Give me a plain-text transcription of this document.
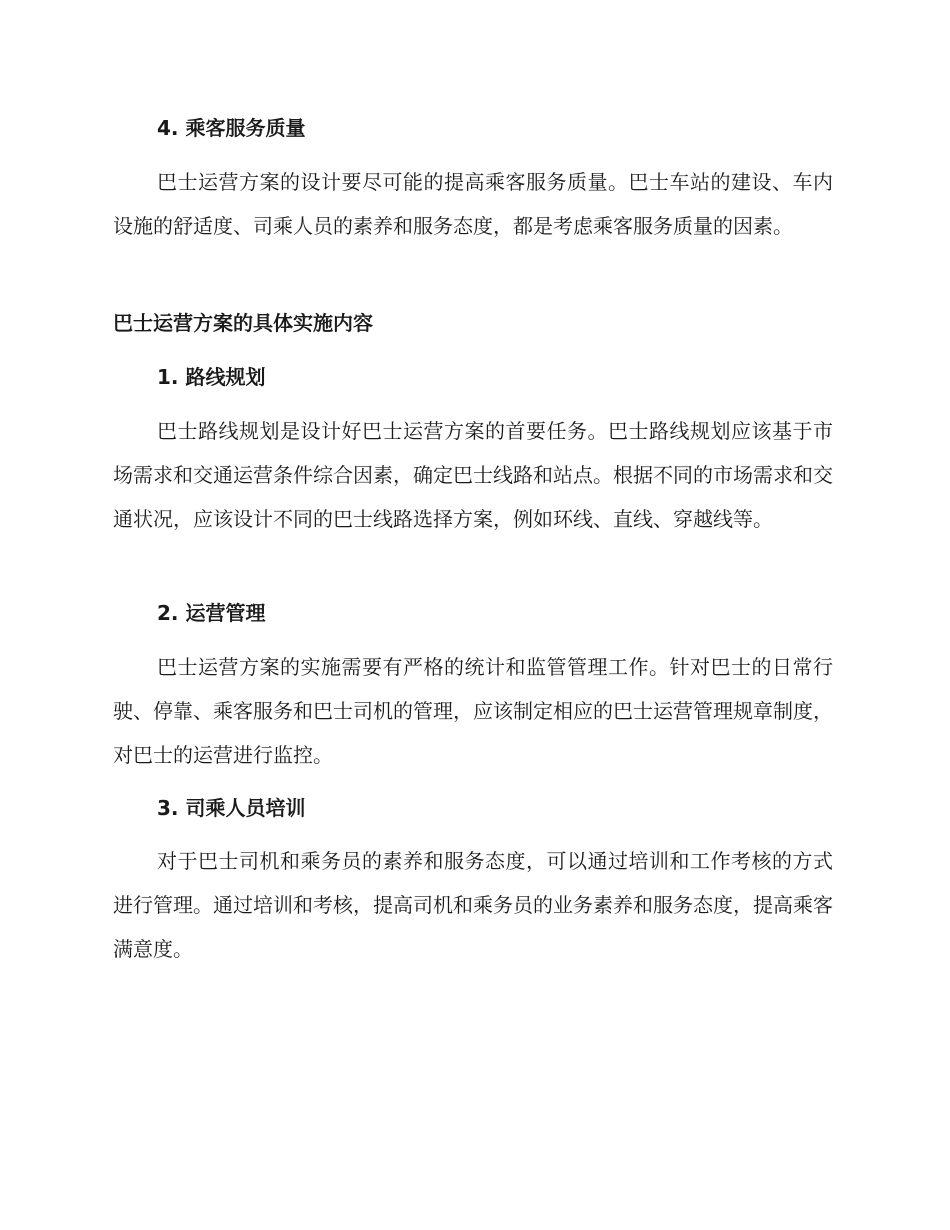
4. 乘客服务质量

巴士运营方案的设计要尽可能的提高乘客服务质量。巴士车站的建设、车内设施的舒适度、司乘人员的素养和服务态度，都是考虑乘客服务质量的因素。

巴士运营方案的具体实施内容
1. 路线规划

巴士路线规划是设计好巴士运营方案的首要任务。巴士路线规划应该基于市场需求和交通运营条件综合因素，确定巴士线路和站点。根据不同的市场需求和交通状况，应该设计不同的巴士线路选择方案，例如环线、直线、穿越线等。

2. 运营管理

巴士运营方案的实施需要有严格的统计和监管管理工作。针对巴士的日常行驶、停靠、乘客服务和巴士司机的管理，应该制定相应的巴士运营管理规章制度，对巴士的运营进行监控。

3. 司乘人员培训

对于巴士司机和乘务员的素养和服务态度，可以通过培训和工作考核的方式进行管理。通过培训和考核，提高司机和乘务员的业务素养和服务态度，提高乘客满意度。
